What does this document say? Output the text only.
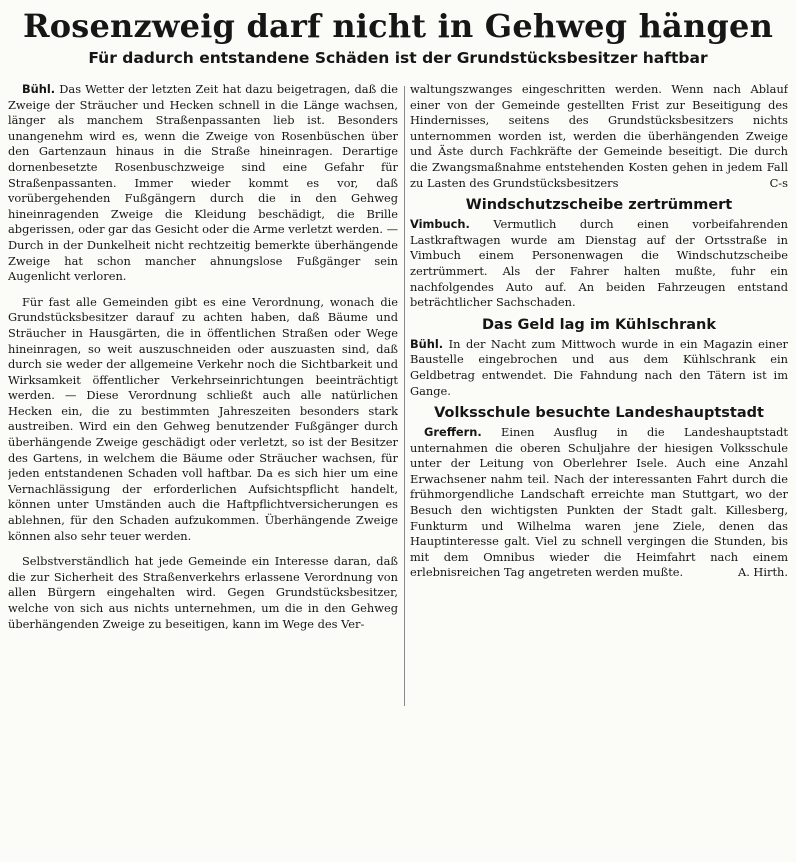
Rosenzweig darf nicht in Gehweg hängen
Für dadurch entstandene Schäden ist der Grundstücksbesitzer haftbar

Bühl. Das Wetter der letzten Zeit hat dazu beigetragen, daß die Zweige der Sträucher und Hecken schnell in die Länge wachsen, länger als manchem Straßenpassanten lieb ist. Besonders unangenehm wird es, wenn die Zweige von Rosenbüschen über den Gartenzaun hinaus in die Straße hineinragen. Derartige dornenbesetzte Rosenbuschzweige sind eine Gefahr für Straßenpassanten. Immer wieder kommt es vor, daß vorübergehenden Fußgängern durch die in den Gehweg hineinragenden Zweige die Kleidung beschädigt, die Brille abgerissen, oder gar das Gesicht oder die Arme verletzt werden. — Durch in der Dunkelheit nicht rechtzeitig bemerkte überhängende Zweige hat schon mancher ahnungslose Fußgänger sein Augenlicht verloren.

Für fast alle Gemeinden gibt es eine Verordnung, wonach die Grundstücksbesitzer darauf zu achten haben, daß Bäume und Sträucher in Hausgärten, die in öffentlichen Straßen oder Wege hineinragen, so weit auszuschneiden oder auszuasten sind, daß durch sie weder der allgemeine Verkehr noch die Sichtbarkeit und Wirksamkeit öffentlicher Verkehrseinrichtungen beeinträchtigt werden. — Diese Verordnung schließt auch alle natürlichen Hecken ein, die zu bestimmten Jahreszeiten besonders stark austreiben. Wird ein den Gehweg benutzender Fußgänger durch überhängende Zweige geschädigt oder verletzt, so ist der Besitzer des Gartens, in welchem die Bäume oder Sträucher wachsen, für jeden entstandenen Schaden voll haftbar. Da es sich hier um eine Vernachlässigung der erforderlichen Aufsichtspflicht handelt, können unter Umständen auch die Haftpflichtversicherungen es ablehnen, für den Schaden aufzukommen. Überhängende Zweige können also sehr teuer werden.

Selbstverständlich hat jede Gemeinde ein Interesse daran, daß die zur Sicherheit des Straßenverkehrs erlassene Verordnung von allen Bürgern eingehalten wird. Gegen Grundstücksbesitzer, welche von sich aus nichts unternehmen, um die in den Gehweg überhängenden Zweige zu beseitigen, kann im Wege des Ver-

waltungszwanges eingeschritten werden. Wenn nach Ablauf einer von der Gemeinde gestellten Frist zur Beseitigung des Hindernisses, seitens des Grundstücksbesitzers nichts unternommen worden ist, werden die überhängenden Zweige und Äste durch Fachkräfte der Gemeinde beseitigt. Die durch die Zwangsmaßnahme entstehenden Kosten gehen in jedem Fall zu Lasten des Grundstücksbesitzers	C-s

Windschutzscheibe zertrümmert

Vimbuch. Vermutlich durch einen vorbeifahrenden Lastkraftwagen wurde am Dienstag auf der Ortsstraße in Vimbuch einem Personenwagen die Windschutzscheibe zertrümmert. Als der Fahrer halten mußte, fuhr ein nachfolgendes Auto auf. An beiden Fahrzeugen entstand beträchtlicher Sachschaden.

Das Geld lag im Kühlschrank

Bühl. In der Nacht zum Mittwoch wurde in ein Magazin einer Baustelle eingebrochen und aus dem Kühlschrank ein Geldbetrag entwendet. Die Fahndung nach den Tätern ist im Gange.

Volksschule besuchte Landeshauptstadt

Greffern. Einen Ausflug in die Landeshauptstadt unternahmen die oberen Schuljahre der hiesigen Volksschule unter der Leitung von Oberlehrer Isele. Auch eine Anzahl Erwachsener nahm teil. Nach der interessanten Fahrt durch die frühmorgendliche Landschaft erreichte man Stuttgart, wo der Besuch den wichtigsten Punkten der Stadt galt. Killesberg, Funkturm und Wilhelma waren jene Ziele, denen das Hauptinteresse galt. Viel zu schnell vergingen die Stunden, bis mit dem Omnibus wieder die Heimfahrt nach einem erlebnisreichen Tag angetreten werden mußte.	A. Hirth.
